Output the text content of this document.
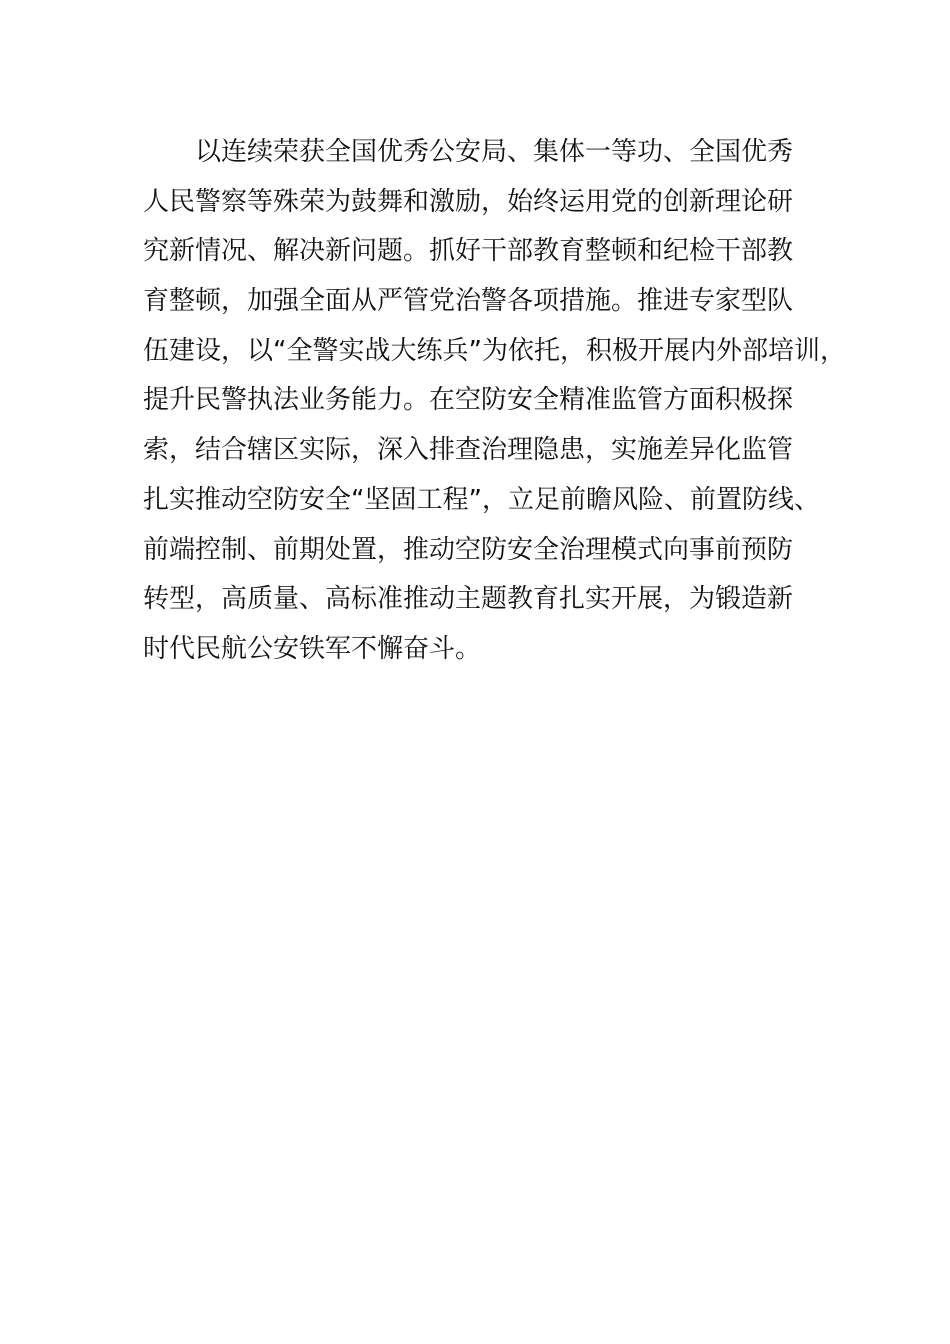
以连续荣获全国优秀公安局、集体一等功、全国优秀
人民警察等殊荣为鼓舞和激励，始终运用党的创新理论研
究新情况、解决新问题。抓好干部教育整顿和纪检干部教
育整顿，加强全面从严管党治警各项措施。推进专家型队
伍建设，以“全警实战大练兵”为依托，积极开展内外部培训，
提升民警执法业务能力。在空防安全精准监管方面积极探
索，结合辖区实际，深入排查治理隐患，实施差异化监管
扎实推动空防安全“坚固工程”，立足前瞻风险、前置防线、
前端控制、前期处置，推动空防安全治理模式向事前预防
转型，高质量、高标准推动主题教育扎实开展，为锻造新
时代民航公安铁军不懈奋斗。
